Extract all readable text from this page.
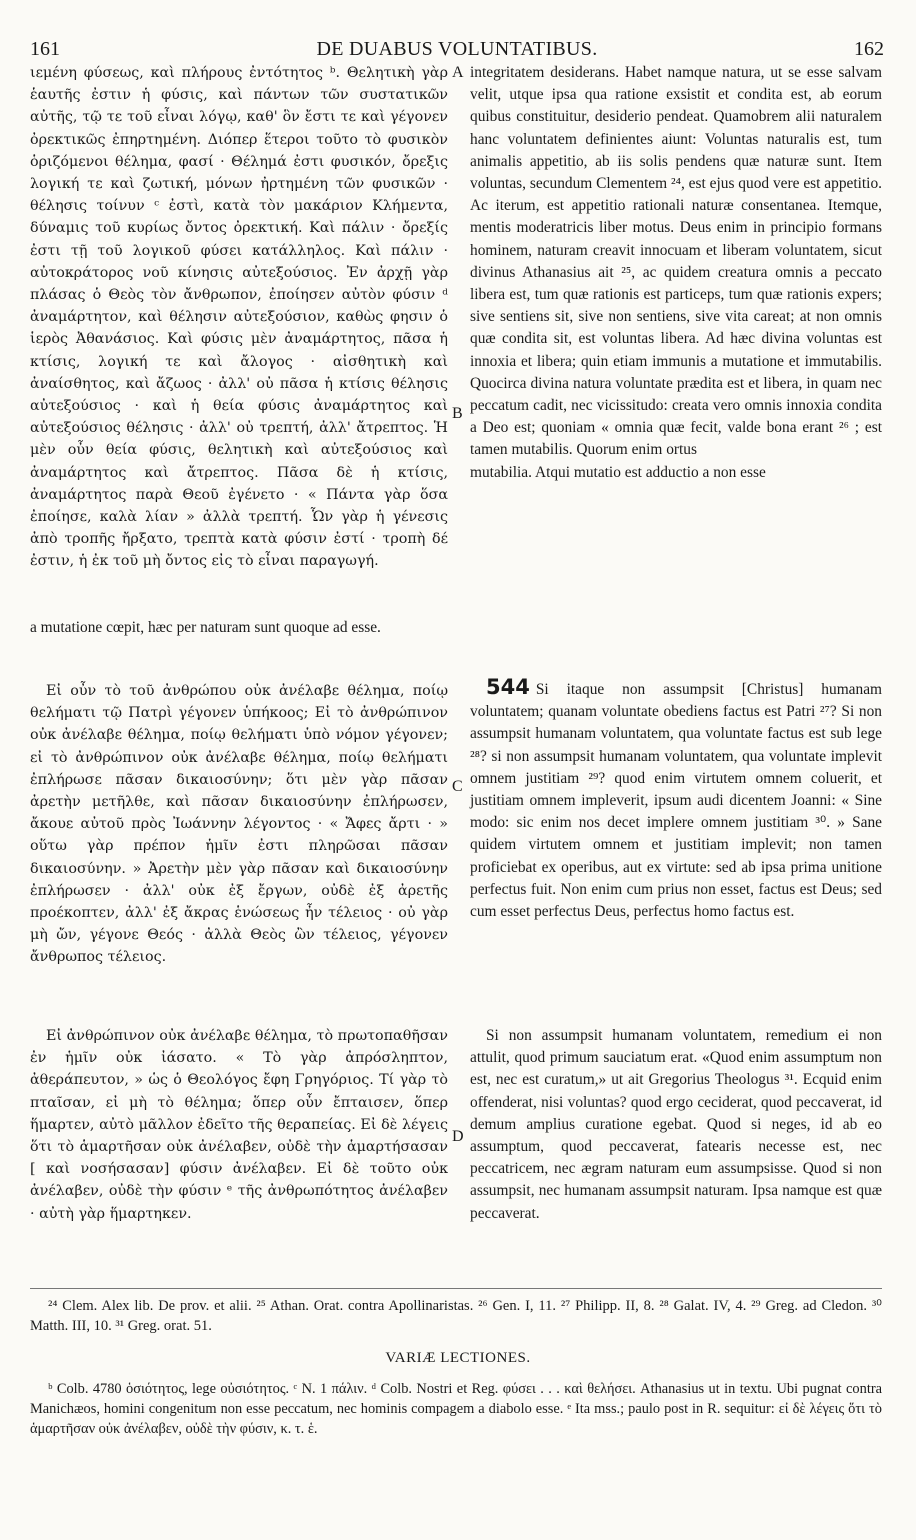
161	DE DUABUS VOLUNTATIBUS.	162
A
B
C
D

ιεμένη φύσεως, καὶ πλήρους ἐντότητος ᵇ. Θελητικὴ γὰρ ἑαυτῆς ἐστιν ἡ φύσις, καὶ πάντων τῶν συστατικῶν αὐτῆς, τῷ τε τοῦ εἶναι λόγῳ, καθ' ὃν ἔστι τε καὶ γέγονεν ὀρεκτικῶς ἐπηρτημένη. Διόπερ ἕτεροι τοῦτο τὸ φυσικὸν ὁριζόμενοι θέλημα, φασί · Θέλημά ἐστι φυσικόν, ὄρεξις λογική τε καὶ ζωτική, μόνων ἠρτημένη τῶν φυσικῶν · θέλησις τοίνυν ᶜ ἐστὶ, κατὰ τὸν μακάριον Κλήμεντα, δύναμις τοῦ κυρίως ὄντος ὀρεκτική. Καὶ πάλιν · ὄρεξίς ἐστι τῇ τοῦ λογικοῦ φύσει κατάλληλος. Καὶ πάλιν · αὐτοκράτορος νοῦ κίνησις αὐτεξούσιος. Ἐν ἀρχῇ γὰρ πλάσας ὁ Θεὸς τὸν ἄνθρωπον, ἐποίησεν αὐτὸν φύσιν ᵈ ἀναμάρτητον, καὶ θέλησιν αὐτεξούσιον, καθὼς φησιν ὁ ἱερὸς Ἀθανάσιος. Καὶ φύσις μὲν ἀναμάρτητος, πᾶσα ἡ κτίσις, λογική τε καὶ ἄλογος · αἰσθητικὴ καὶ ἀναίσθητος, καὶ ἄζωος · ἀλλ' οὐ πᾶσα ἡ κτίσις θέλησις αὐτεξούσιος · καὶ ἡ θεία φύσις ἀναμάρτητος καὶ αὐτεξούσιος θέλησις · ἀλλ' οὐ τρεπτή, ἀλλ' ἄτρεπτος. Ἡ μὲν οὖν θεία φύσις, θελητικὴ καὶ αὐτεξούσιος καὶ ἀναμάρτητος καὶ ἄτρεπτος. Πᾶσα δὲ ἡ κτίσις, ἀναμάρτητος παρὰ Θεοῦ ἐγένετο · « Πάντα γὰρ ὅσα ἐποίησε, καλὰ λίαν » ἀλλὰ τρεπτή. Ὧν γὰρ ἡ γένεσις ἀπὸ τροπῆς ἤρξατο, τρεπτὰ κατὰ φύσιν ἐστί · τροπὴ δέ ἐστιν, ἡ ἐκ τοῦ μὴ ὄντος εἰς τὸ εἶναι παραγωγή.

a mutatione cœpit, hæc per naturam sunt quoque ad esse.

Εἰ οὖν τὸ τοῦ ἀνθρώπου οὐκ ἀνέλαβε θέλημα, ποίῳ θελήματι τῷ Πατρὶ γέγονεν ὑπήκοος; Εἰ τὸ ἀνθρώπινον οὐκ ἀνέλαβε θέλημα, ποίῳ θελήματι ὑπὸ νόμον γέγονεν; εἰ τὸ ἀνθρώπινον οὐκ ἀνέλαβε θέλημα, ποίῳ θελήματι ἐπλήρωσε πᾶσαν δικαιοσύνην; ὅτι μὲν γὰρ πᾶσαν ἀρετὴν μετῆλθε, καὶ πᾶσαν δικαιοσύνην ἐπλήρωσεν, ἄκουε αὐτοῦ πρὸς Ἰωάννην λέγοντος · « Ἄφες ἄρτι · » οὕτω γὰρ πρέπον ἡμῖν ἐστι πληρῶσαι πᾶσαν δικαιοσύνην. » Ἀρετὴν μὲν γὰρ πᾶσαν καὶ δικαιοσύνην ἐπλήρωσεν · ἀλλ' οὐκ ἐξ ἔργων, οὐδὲ ἐξ ἀρετῆς προέκοπτεν, ἀλλ' ἐξ ἄκρας ἑνώσεως ἦν τέλειος · οὐ γὰρ μὴ ὤν, γέγονε Θεός · ἀλλὰ Θεὸς ὢν τέλειος, γέγονεν ἄνθρωπος τέλειος.

Εἰ ἀνθρώπινον οὐκ ἀνέλαβε θέλημα, τὸ πρωτοπαθῆσαν ἐν ἡμῖν οὐκ ἰάσατο. « Τὸ γὰρ ἀπρόσληπτον, ἀθεράπευτον, » ὡς ὁ Θεολόγος ἔφη Γρηγόριος. Τί γὰρ τὸ πταῖσαν, εἰ μὴ τὸ θέλημα; ὅπερ οὖν ἔπταισεν, ὅπερ ἥμαρτεν, αὐτὸ μᾶλλον ἐδεῖτο τῆς θεραπείας. Εἰ δὲ λέγεις ὅτι τὸ ἁμαρτῆσαν οὐκ ἀνέλαβεν, οὐδὲ τὴν ἁμαρτήσασαν [ καὶ νοσήσασαν] φύσιν ἀνέλαβεν. Εἰ δὲ τοῦτο οὐκ ἀνέλαβεν, οὐδὲ τὴν φύσιν ᵉ τῆς ἀνθρωπότητος ἀνέλαβεν · αὐτὴ γὰρ ἥμαρτηκεν.

integritatem desiderans. Habet namque natura, ut se esse salvam velit, utque ipsa qua ratione exsistit et condita est, ab eorum quibus constituitur, desiderio pendeat. Quamobrem alii naturalem hanc voluntatem definientes aiunt: Voluntas naturalis est, tum animalis appetitio, ab iis solis pendens quæ naturæ sunt. Item voluntas, secundum Clementem ²⁴, est ejus quod vere est appetitio. Ac iterum, est appetitio rationali naturæ consentanea. Itemque, mentis moderatricis liber motus. Deus enim in principio formans hominem, naturam creavit innocuam et liberam voluntatem, sicut divinus Athanasius ait ²⁵, ac quidem creatura omnis a peccato libera est, tum quæ rationis est particeps, tum quæ rationis expers; sive sentiens sit, sive non sentiens, sive vita careat; at non omnis quæ condita sit, est voluntas libera. Ad hæc divina voluntas est innoxia et libera; quin etiam immunis a mutatione et immutabilis. Quocirca divina natura voluntate prædita est et libera, in quam nec peccatum cadit, nec vicissitudo: creata vero omnis innoxia condita a Deo est; quoniam « omnia quæ fecit, valde bona erant ²⁶ ; est tamen mutabilis. Quorum enim ortus

mutabilia. Atqui mutatio est adductio a non esse

544 Si itaque non assumpsit [Christus] humanam voluntatem; quanam voluntate obediens factus est Patri ²⁷? Si non assumpsit humanam voluntatem, qua voluntate factus est sub lege ²⁸? si non assumpsit humanam voluntatem, qua voluntate implevit omnem justitiam ²⁹? quod enim virtutem omnem coluerit, et justitiam omnem impleverit, ipsum audi dicentem Joanni: « Sine modo: sic enim nos decet implere omnem justitiam ³⁰. » Sane quidem virtutem omnem et justitiam implevit; non tamen proficiebat ex operibus, aut ex virtute: sed ab ipsa prima unitione perfectus fuit. Non enim cum prius non esset, factus est Deus; sed cum esset perfectus Deus, perfectus homo factus est.

Si non assumpsit humanam voluntatem, remedium ei non attulit, quod primum sauciatum erat. «Quod enim assumptum non est, nec est curatum,» ut ait Gregorius Theologus ³¹. Ecquid enim offenderat, nisi voluntas? quod ergo ceciderat, quod peccaverat, id demum amplius curatione egebat. Quod si neges, id ab eo assumptum, quod peccaverat, fatearis necesse est, nec peccatricem, nec ægram naturam eum assumpsisse. Quod si non assumpsit, nec humanam assumpsit naturam. Ipsa namque est quæ peccaverat.

²⁴ Clem. Alex lib. De prov. et alii. ²⁵ Athan. Orat. contra Apollinaristas. ²⁶ Gen. I, 11. ²⁷ Philipp. II, 8. ²⁸ Galat. IV, 4. ²⁹ Greg. ad Cledon. ³⁰ Matth. III, 10. ³¹ Greg. orat. 51.

VARIÆ LECTIONES.

ᵇ Colb. 4780 ὁσιότητος, lege οὐσιότητος. ᶜ N. 1 πάλιν. ᵈ Colb. Nostri et Reg. φύσει . . . καὶ θελήσει. Athanasius ut in textu. Ubi pugnat contra Manichæos, homini congenitum non esse peccatum, nec hominis compagem a diabolo esse. ᵉ Ita mss.; paulo post in R. sequitur: εἰ δὲ λέγεις ὅτι τὸ ἁμαρτῆσαν οὐκ ἀνέλαβεν, οὐδὲ τὴν φύσιν, κ. τ. ἑ.
